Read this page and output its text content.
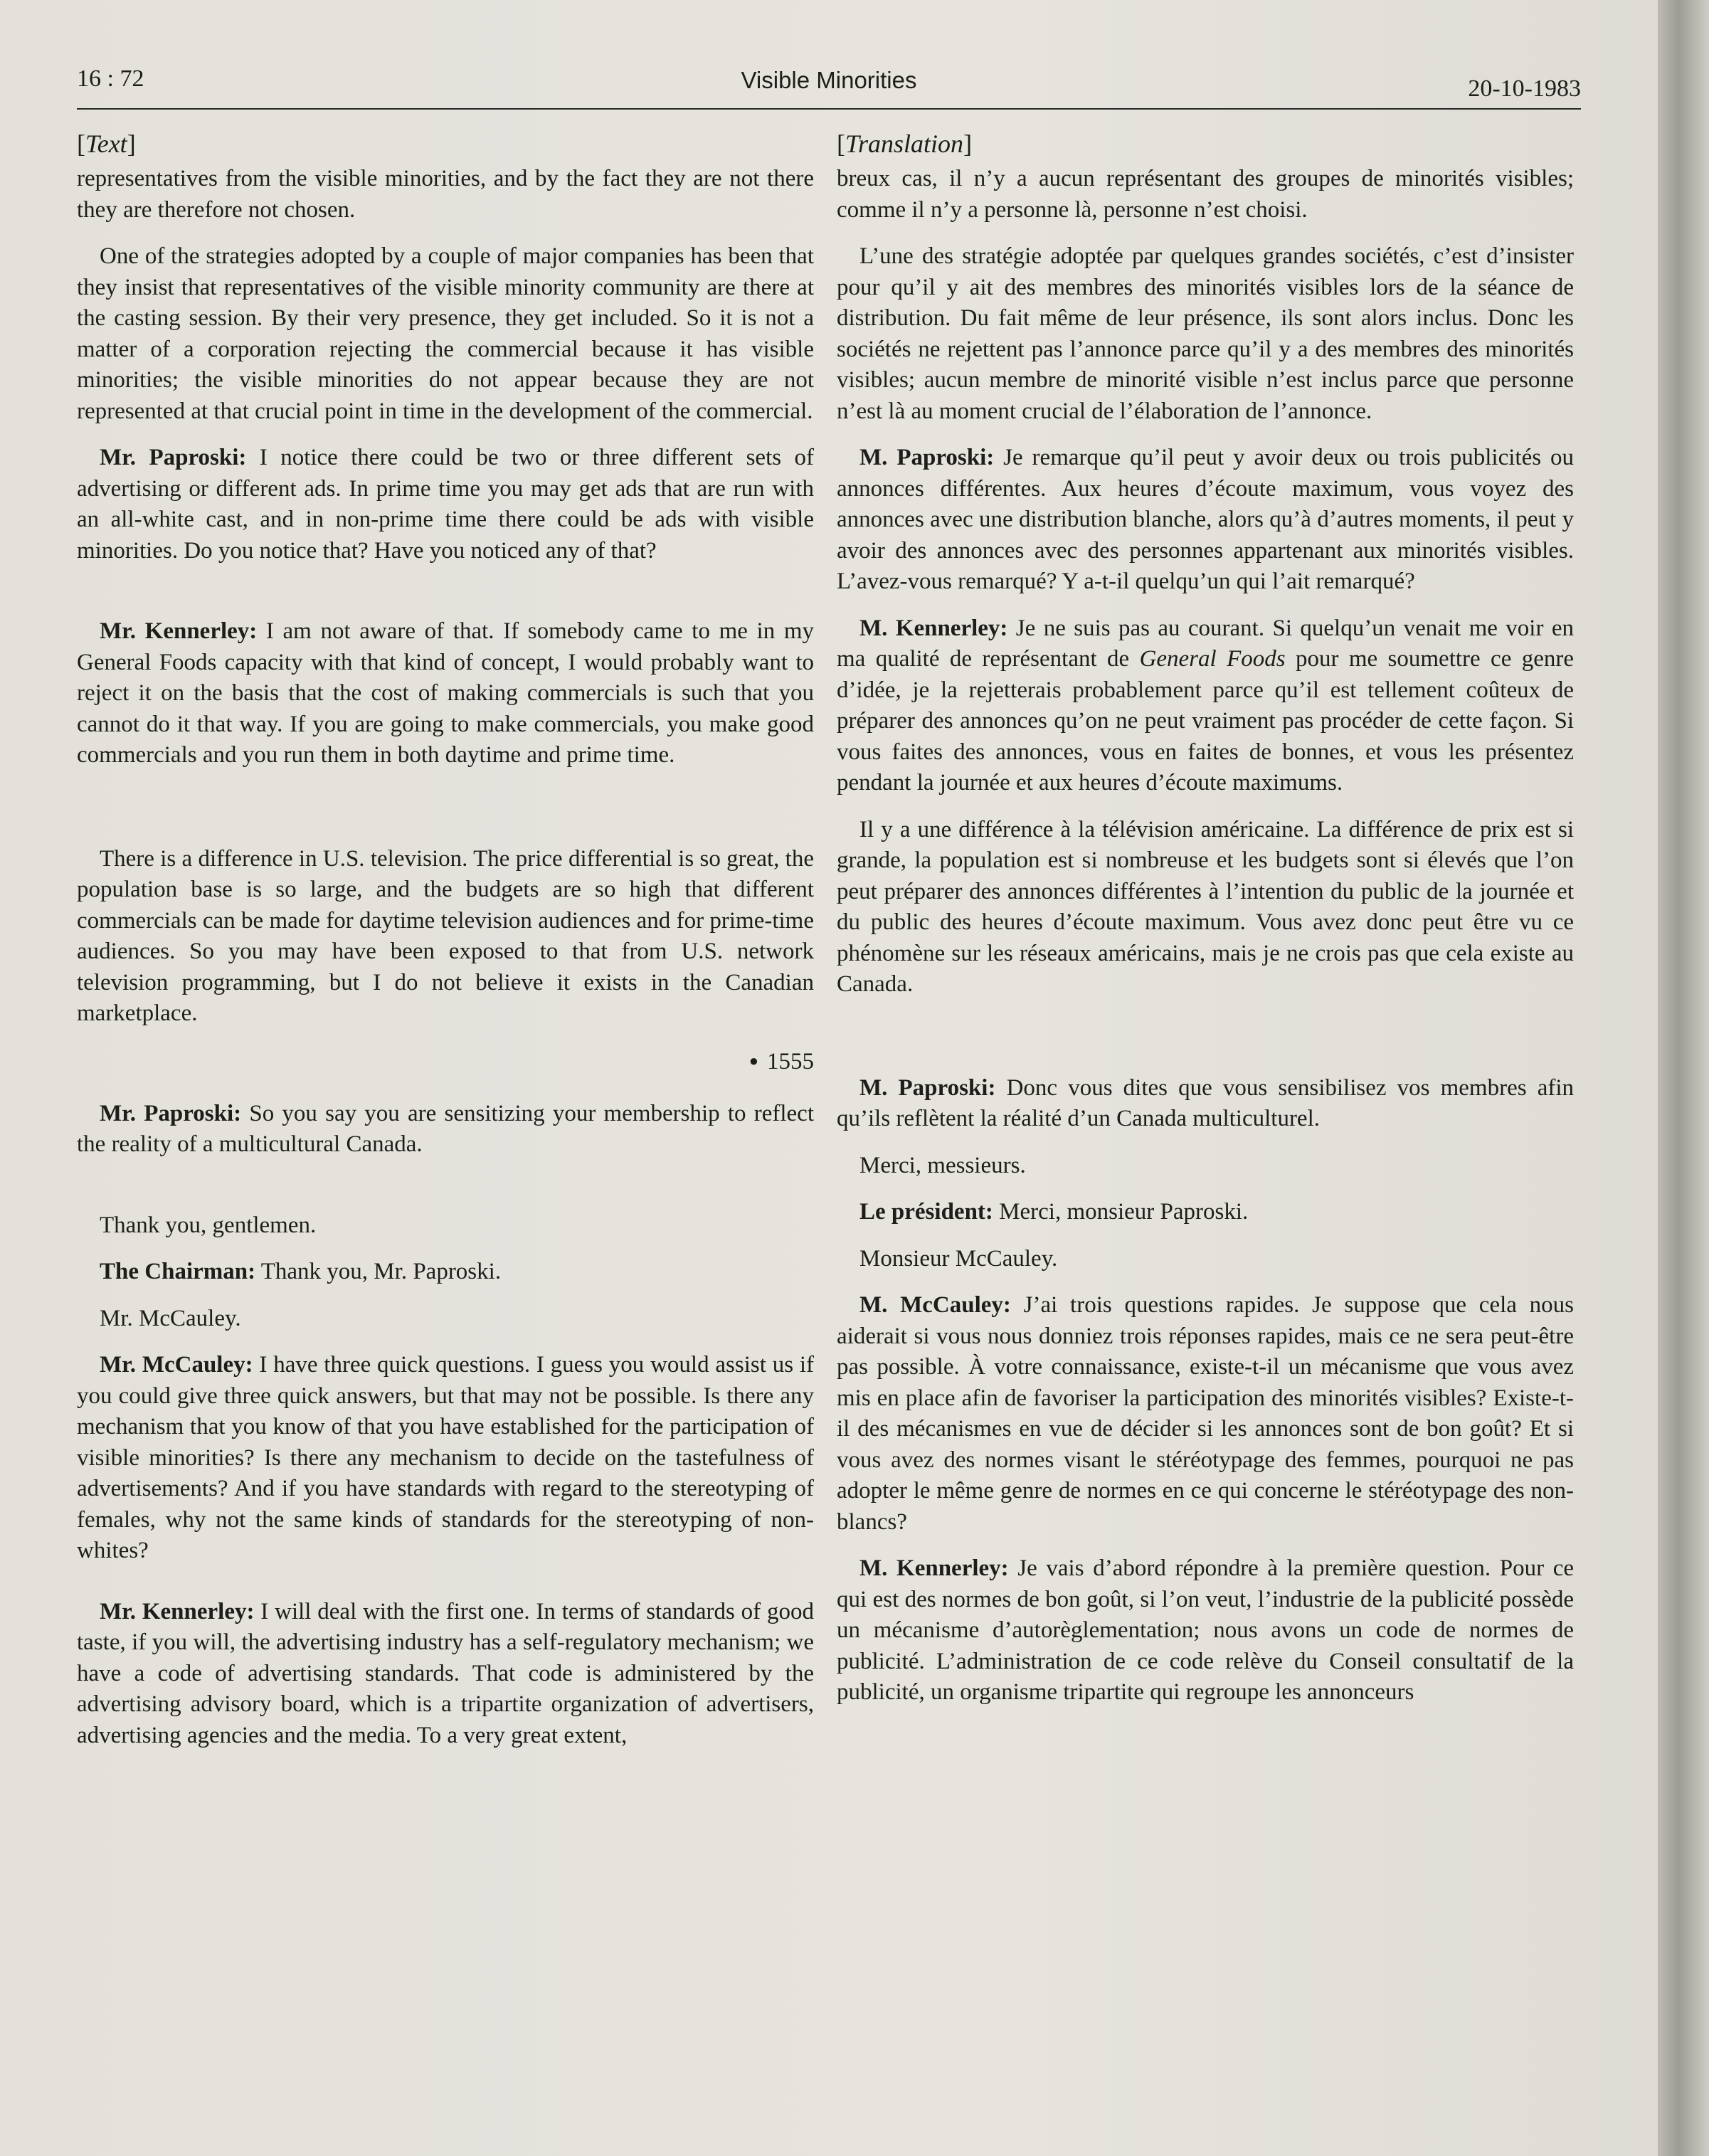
16 : 72	Visible Minorities	20-10-1983
[Text]

representatives from the visible minorities, and by the fact they are not there they are therefore not chosen.

One of the strategies adopted by a couple of major companies has been that they insist that representatives of the visible minority community are there at the casting session. By their very presence, they get included. So it is not a matter of a corporation rejecting the commercial because it has visible minorities; the visible minorities do not appear because they are not represented at that crucial point in time in the development of the commercial.

Mr. Paproski: I notice there could be two or three different sets of advertising or different ads. In prime time you may get ads that are run with an all-white cast, and in non-prime time there could be ads with visible minorities. Do you notice that? Have you noticed any of that?

Mr. Kennerley: I am not aware of that. If somebody came to me in my General Foods capacity with that kind of concept, I would probably want to reject it on the basis that the cost of making commercials is such that you cannot do it that way. If you are going to make commercials, you make good commercials and you run them in both daytime and prime time.

There is a difference in U.S. television. The price differential is so great, the population base is so large, and the budgets are so high that different commercials can be made for daytime television audiences and for prime-time audiences. So you may have been exposed to that from U.S. network television programming, but I do not believe it exists in the Canadian marketplace.

● 1555

Mr. Paproski: So you say you are sensitizing your membership to reflect the reality of a multicultural Canada.

Thank you, gentlemen.

The Chairman: Thank you, Mr. Paproski.

Mr. McCauley.

Mr. McCauley: I have three quick questions. I guess you would assist us if you could give three quick answers, but that may not be possible. Is there any mechanism that you know of that you have established for the participation of visible minorities? Is there any mechanism to decide on the tastefulness of advertisements? And if you have standards with regard to the stereotyping of females, why not the same kinds of standards for the stereotyping of non-whites?

Mr. Kennerley: I will deal with the first one. In terms of standards of good taste, if you will, the advertising industry has a self-regulatory mechanism; we have a code of advertising standards. That code is administered by the advertising advisory board, which is a tripartite organization of advertisers, advertising agencies and the media. To a very great extent,

[Translation]

breux cas, il n’y a aucun représentant des groupes de minorités visibles; comme il n’y a personne là, personne n’est choisi.

L’une des stratégie adoptée par quelques grandes sociétés, c’est d’insister pour qu’il y ait des membres des minorités visibles lors de la séance de distribution. Du fait même de leur présence, ils sont alors inclus. Donc les sociétés ne rejettent pas l’annonce parce qu’il y a des membres des minorités visibles; aucun membre de minorité visible n’est inclus parce que personne n’est là au moment crucial de l’élaboration de l’annonce.

M. Paproski: Je remarque qu’il peut y avoir deux ou trois publicités ou annonces différentes. Aux heures d’écoute maximum, vous voyez des annonces avec une distribution blanche, alors qu’à d’autres moments, il peut y avoir des annonces avec des personnes appartenant aux minorités visibles. L’avez-vous remarqué? Y a-t-il quelqu’un qui l’ait remarqué?

M. Kennerley: Je ne suis pas au courant. Si quelqu’un venait me voir en ma qualité de représentant de General Foods pour me soumettre ce genre d’idée, je la rejetterais probablement parce qu’il est tellement coûteux de préparer des annonces qu’on ne peut vraiment pas procéder de cette façon. Si vous faites des annonces, vous en faites de bonnes, et vous les présentez pendant la journée et aux heures d’écoute maximums.

Il y a une différence à la télévision américaine. La différence de prix est si grande, la population est si nombreuse et les budgets sont si élevés que l’on peut préparer des annonces différentes à l’intention du public de la journée et du public des heures d’écoute maximum. Vous avez donc peut être vu ce phénomène sur les réseaux américains, mais je ne crois pas que cela existe au Canada.

M. Paproski: Donc vous dites que vous sensibilisez vos membres afin qu’ils reflètent la réalité d’un Canada multiculturel.

Merci, messieurs.

Le président: Merci, monsieur Paproski.

Monsieur McCauley.

M. McCauley: J’ai trois questions rapides. Je suppose que cela nous aiderait si vous nous donniez trois réponses rapides, mais ce ne sera peut-être pas possible. À votre connaissance, existe-t-il un mécanisme que vous avez mis en place afin de favoriser la participation des minorités visibles? Existe-t-il des mécanismes en vue de décider si les annonces sont de bon goût? Et si vous avez des normes visant le stéréotypage des femmes, pourquoi ne pas adopter le même genre de normes en ce qui concerne le stéréotypage des non-blancs?

M. Kennerley: Je vais d’abord répondre à la première question. Pour ce qui est des normes de bon goût, si l’on veut, l’industrie de la publicité possède un mécanisme d’autorèglementation; nous avons un code de normes de publicité. L’administration de ce code relève du Conseil consultatif de la publicité, un organisme tripartite qui regroupe les annonceurs
